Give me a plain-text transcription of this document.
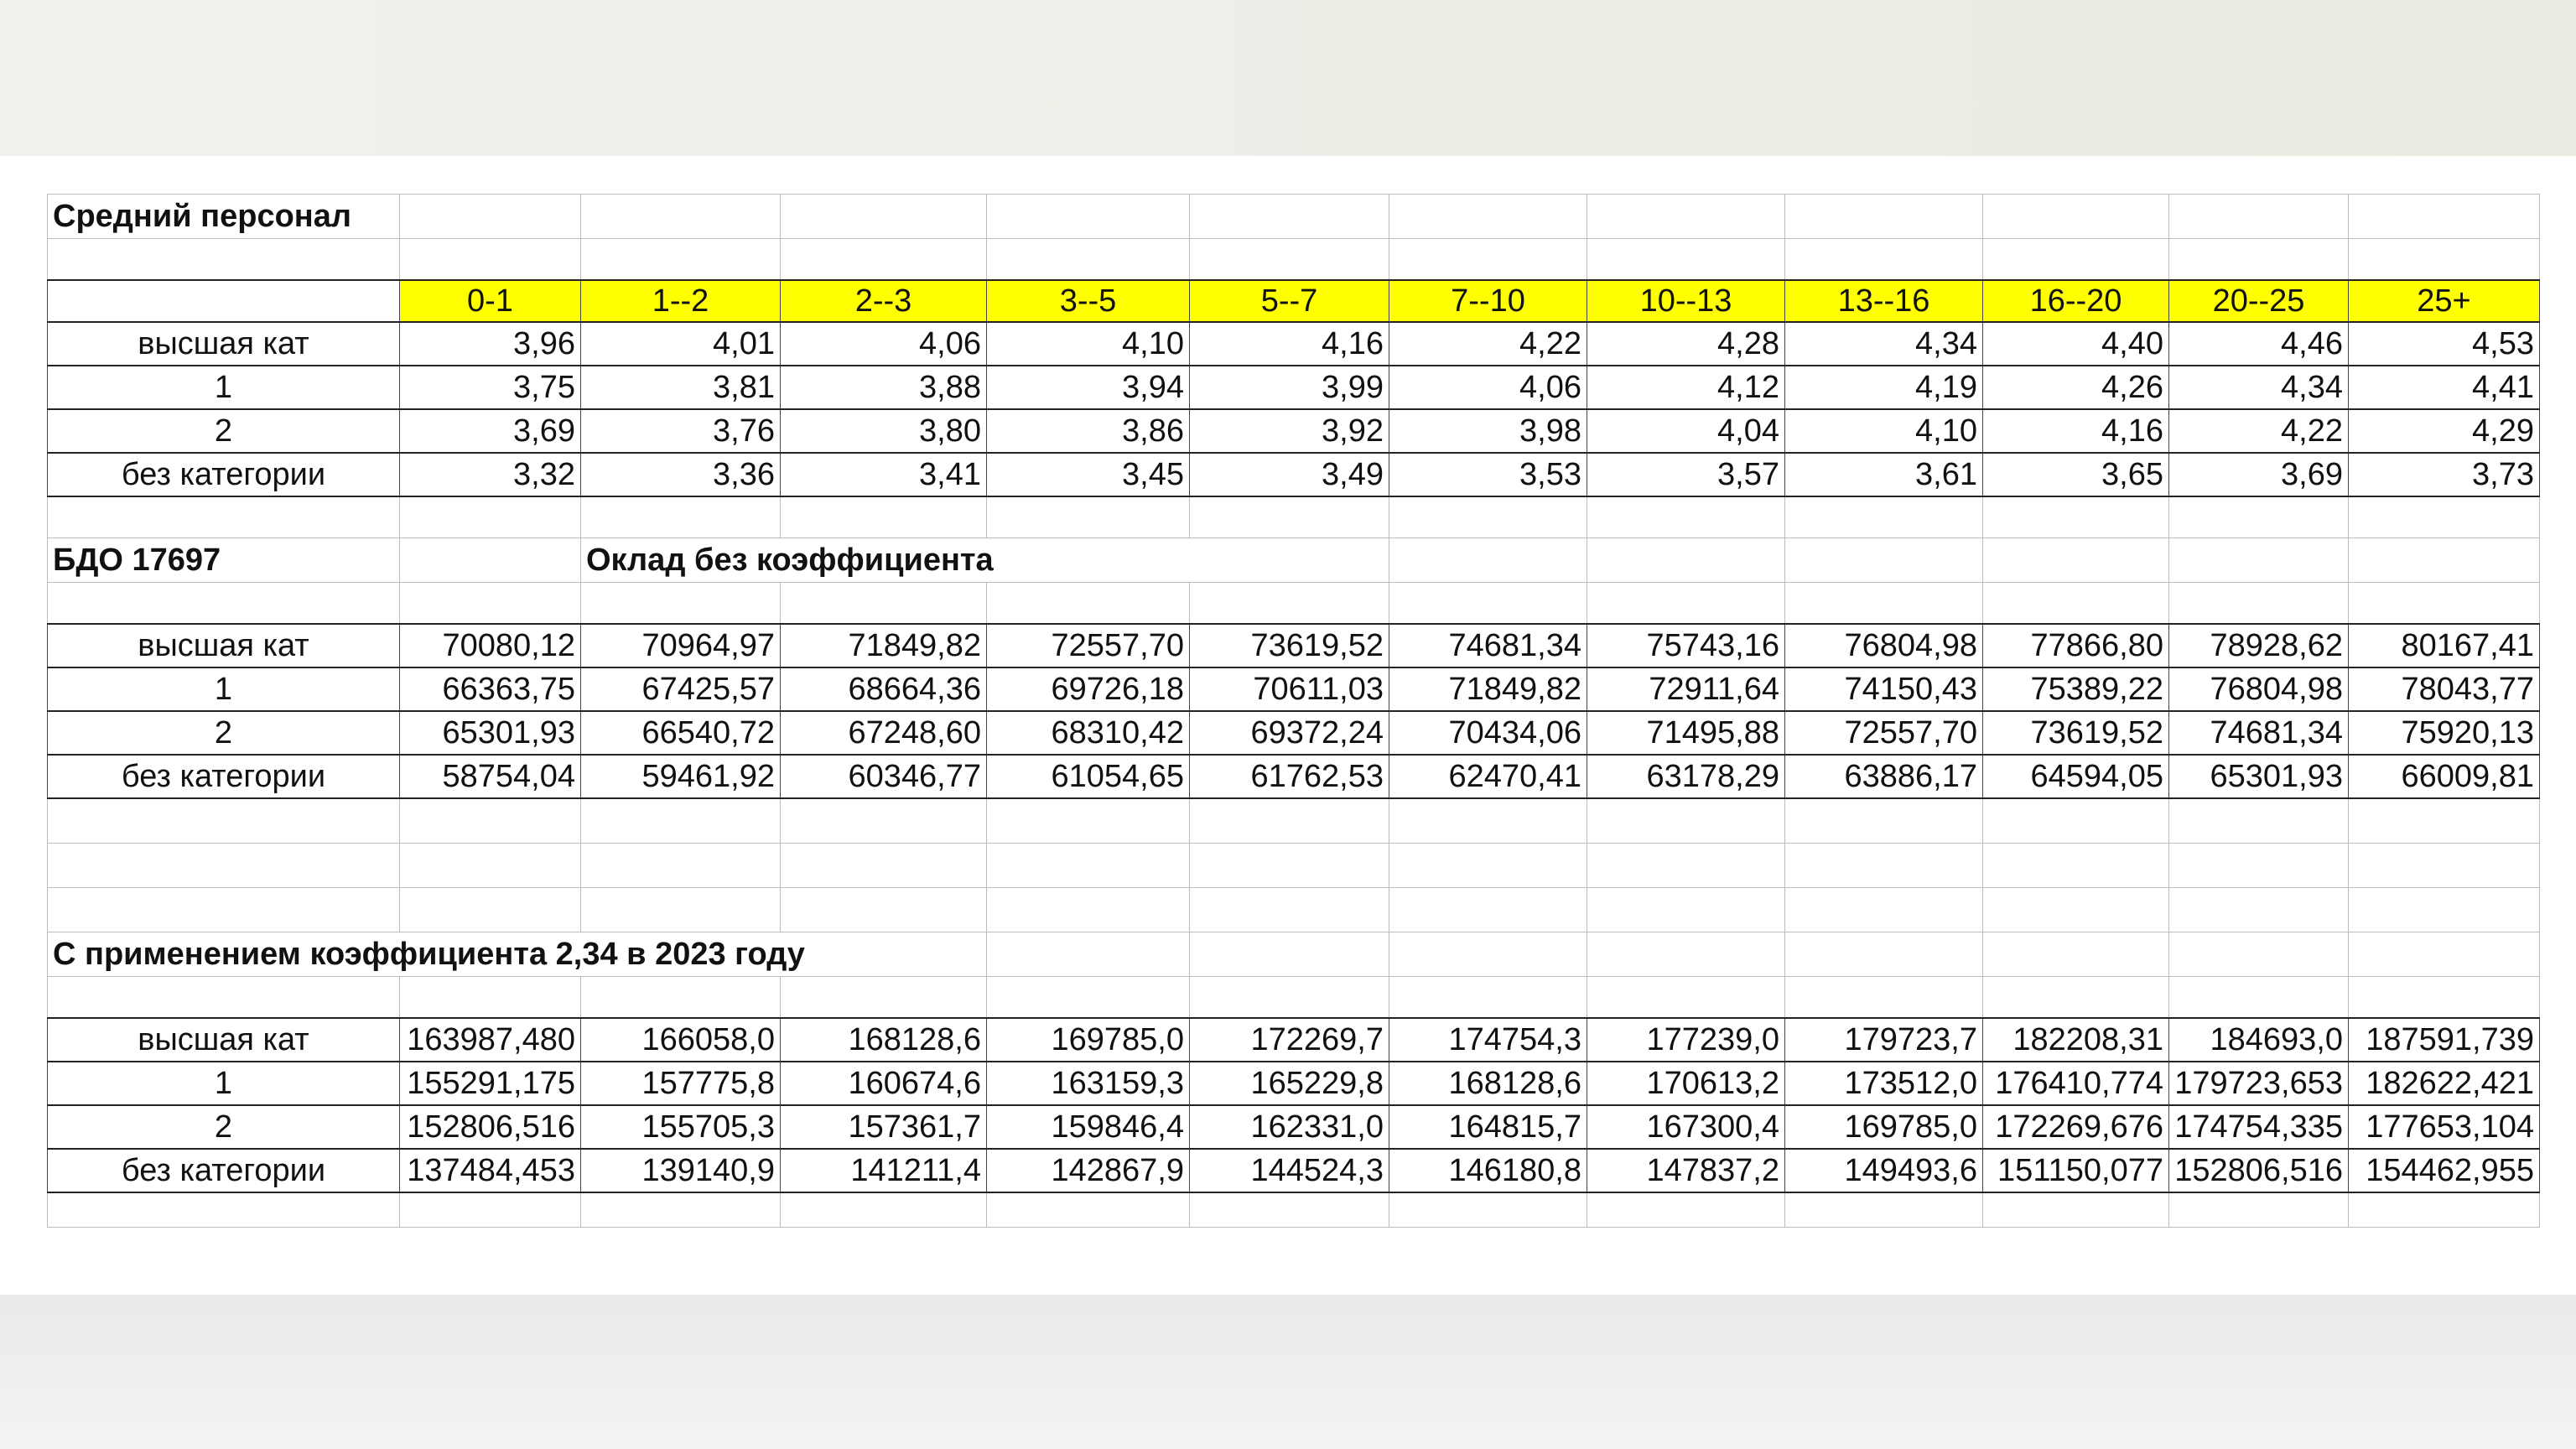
Средний персонал											

	0-1	1--2	2--3	3--5	5--7	7--10	10--13	13--16	16--20	20--25	25+
высшая кат	3,96	4,01	4,06	4,10	4,16	4,22	4,28	4,34	4,40	4,46	4,53
1	3,75	3,81	3,88	3,94	3,99	4,06	4,12	4,19	4,26	4,34	4,41
2	3,69	3,76	3,80	3,86	3,92	3,98	4,04	4,10	4,16	4,22	4,29
без категории	3,32	3,36	3,41	3,45	3,49	3,53	3,57	3,61	3,65	3,69	3,73

БДО 17697		Оклад без коэффициента									

высшая кат	70080,12	70964,97	71849,82	72557,70	73619,52	74681,34	75743,16	76804,98	77866,80	78928,62	80167,41
1	66363,75	67425,57	68664,36	69726,18	70611,03	71849,82	72911,64	74150,43	75389,22	76804,98	78043,77
2	65301,93	66540,72	67248,60	68310,42	69372,24	70434,06	71495,88	72557,70	73619,52	74681,34	75920,13
без категории	58754,04	59461,92	60346,77	61054,65	61762,53	62470,41	63178,29	63886,17	64594,05	65301,93	66009,81

С применением коэффициента 2,34 в 2023 году											

высшая кат	163987,480	166058,0	168128,6	169785,0	172269,7	174754,3	177239,0	179723,7	182208,31	184693,0	187591,739
1	155291,175	157775,8	160674,6	163159,3	165229,8	168128,6	170613,2	173512,0	176410,774	179723,653	182622,421
2	152806,516	155705,3	157361,7	159846,4	162331,0	164815,7	167300,4	169785,0	172269,676	174754,335	177653,104
без категории	137484,453	139140,9	141211,4	142867,9	144524,3	146180,8	147837,2	149493,6	151150,077	152806,516	154462,955
